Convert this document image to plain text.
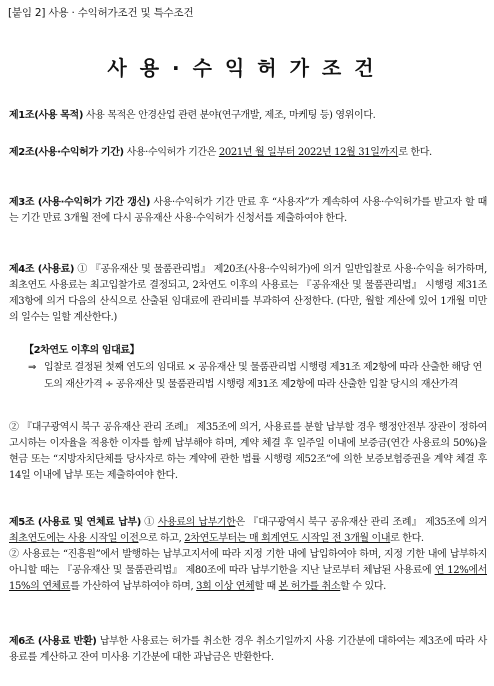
[붙임 2] 사용 · 수익허가조건 및 특수조건
사용·수익허가조건
제1조(사용 목적) 사용 목적은 안경산업 관련 분야(연구개발, 제조, 마케팅 등) 영위이다.
제2조(사용·수익허가 기간) 사용·수익허가 기간은 2021년 월 일부터 2022년 12월 31일까지로 한다.
제3조 (사용·수익허가 기간 갱신) 사용·수익허가 기간 만료 후 “사용자”가 계속하여 사용·수익허가를 받고자 할 때는 기간 만료 3개월 전에 다시 공유재산 사용·수익허가 신청서를 제출하여야 한다.
제4조 (사용료) ① 『공유재산 및 물품관리법』 제20조(사용·수익허가)에 의거 일반입찰로 사용·수익을 허가하며, 최초연도 사용료는 최고입찰가로 결정되고, 2차연도 이후의 사용료는 『공유재산 및 물품관리법』 시행령 제31조 제3항에 의거 다음의 산식으로 산출된 임대료에 관리비를 부과하여 산정한다. (다만, 월할 계산에 있어 1개월 미만의 일수는 일할 계산한다.)
【2차연도 이후의 임대료】
⇒ 입찰로 결정된 첫째 연도의 임대료 × 공유재산 및 물품관리법 시행령 제31조 제2항에 따라 산출한 해당 연도의 재산가격 ÷ 공유재산 및 물품관리법 시행령 제31조 제2항에 따라 산출한 입찰 당시의 재산가격
② 『대구광역시 북구 공유재산 관리 조례』 제35조에 의거, 사용료를 분할 납부할 경우 행정안전부 장관이 정하여 고시하는 이자율을 적용한 이자를 함께 납부해야 하며, 계약 체결 후 일주일 이내에 보증금(연간 사용료의 50%)을 현금 또는 “지방자치단체를 당사자로 하는 계약에 관한 법률 시행령 제52조”에 의한 보증보험증권을 계약 체결 후 14일 이내에 납부 또는 제출하여야 한다.
제5조 (사용료 및 연체료 납부) ① 사용료의 납부기한은 『대구광역시 북구 공유재산 관리 조례』 제35조에 의거 최초연도에는 사용 시작일 이전으로 하고, 2차연도부터는 매 회계연도 시작일 전 3개월 이내로 한다.
② 사용료는 “진흥원”에서 발행하는 납부고지서에 따라 지정 기한 내에 납입하여야 하며, 지정 기한 내에 납부하지 아니할 때는 『공유재산 및 물품관리법』 제80조에 따라 납부기한을 지난 날로부터 체납된 사용료에 연 12%에서 15%의 연체료를 가산하여 납부하여야 하며, 3회 이상 연체할 때 본 허가를 취소할 수 있다.
제6조 (사용료 반환) 납부한 사용료는 허가를 취소한 경우 취소기일까지 사용 기간분에 대하여는 제3조에 따라 사용료를 계산하고 잔여 미사용 기간분에 대한 과납금은 반환한다.
